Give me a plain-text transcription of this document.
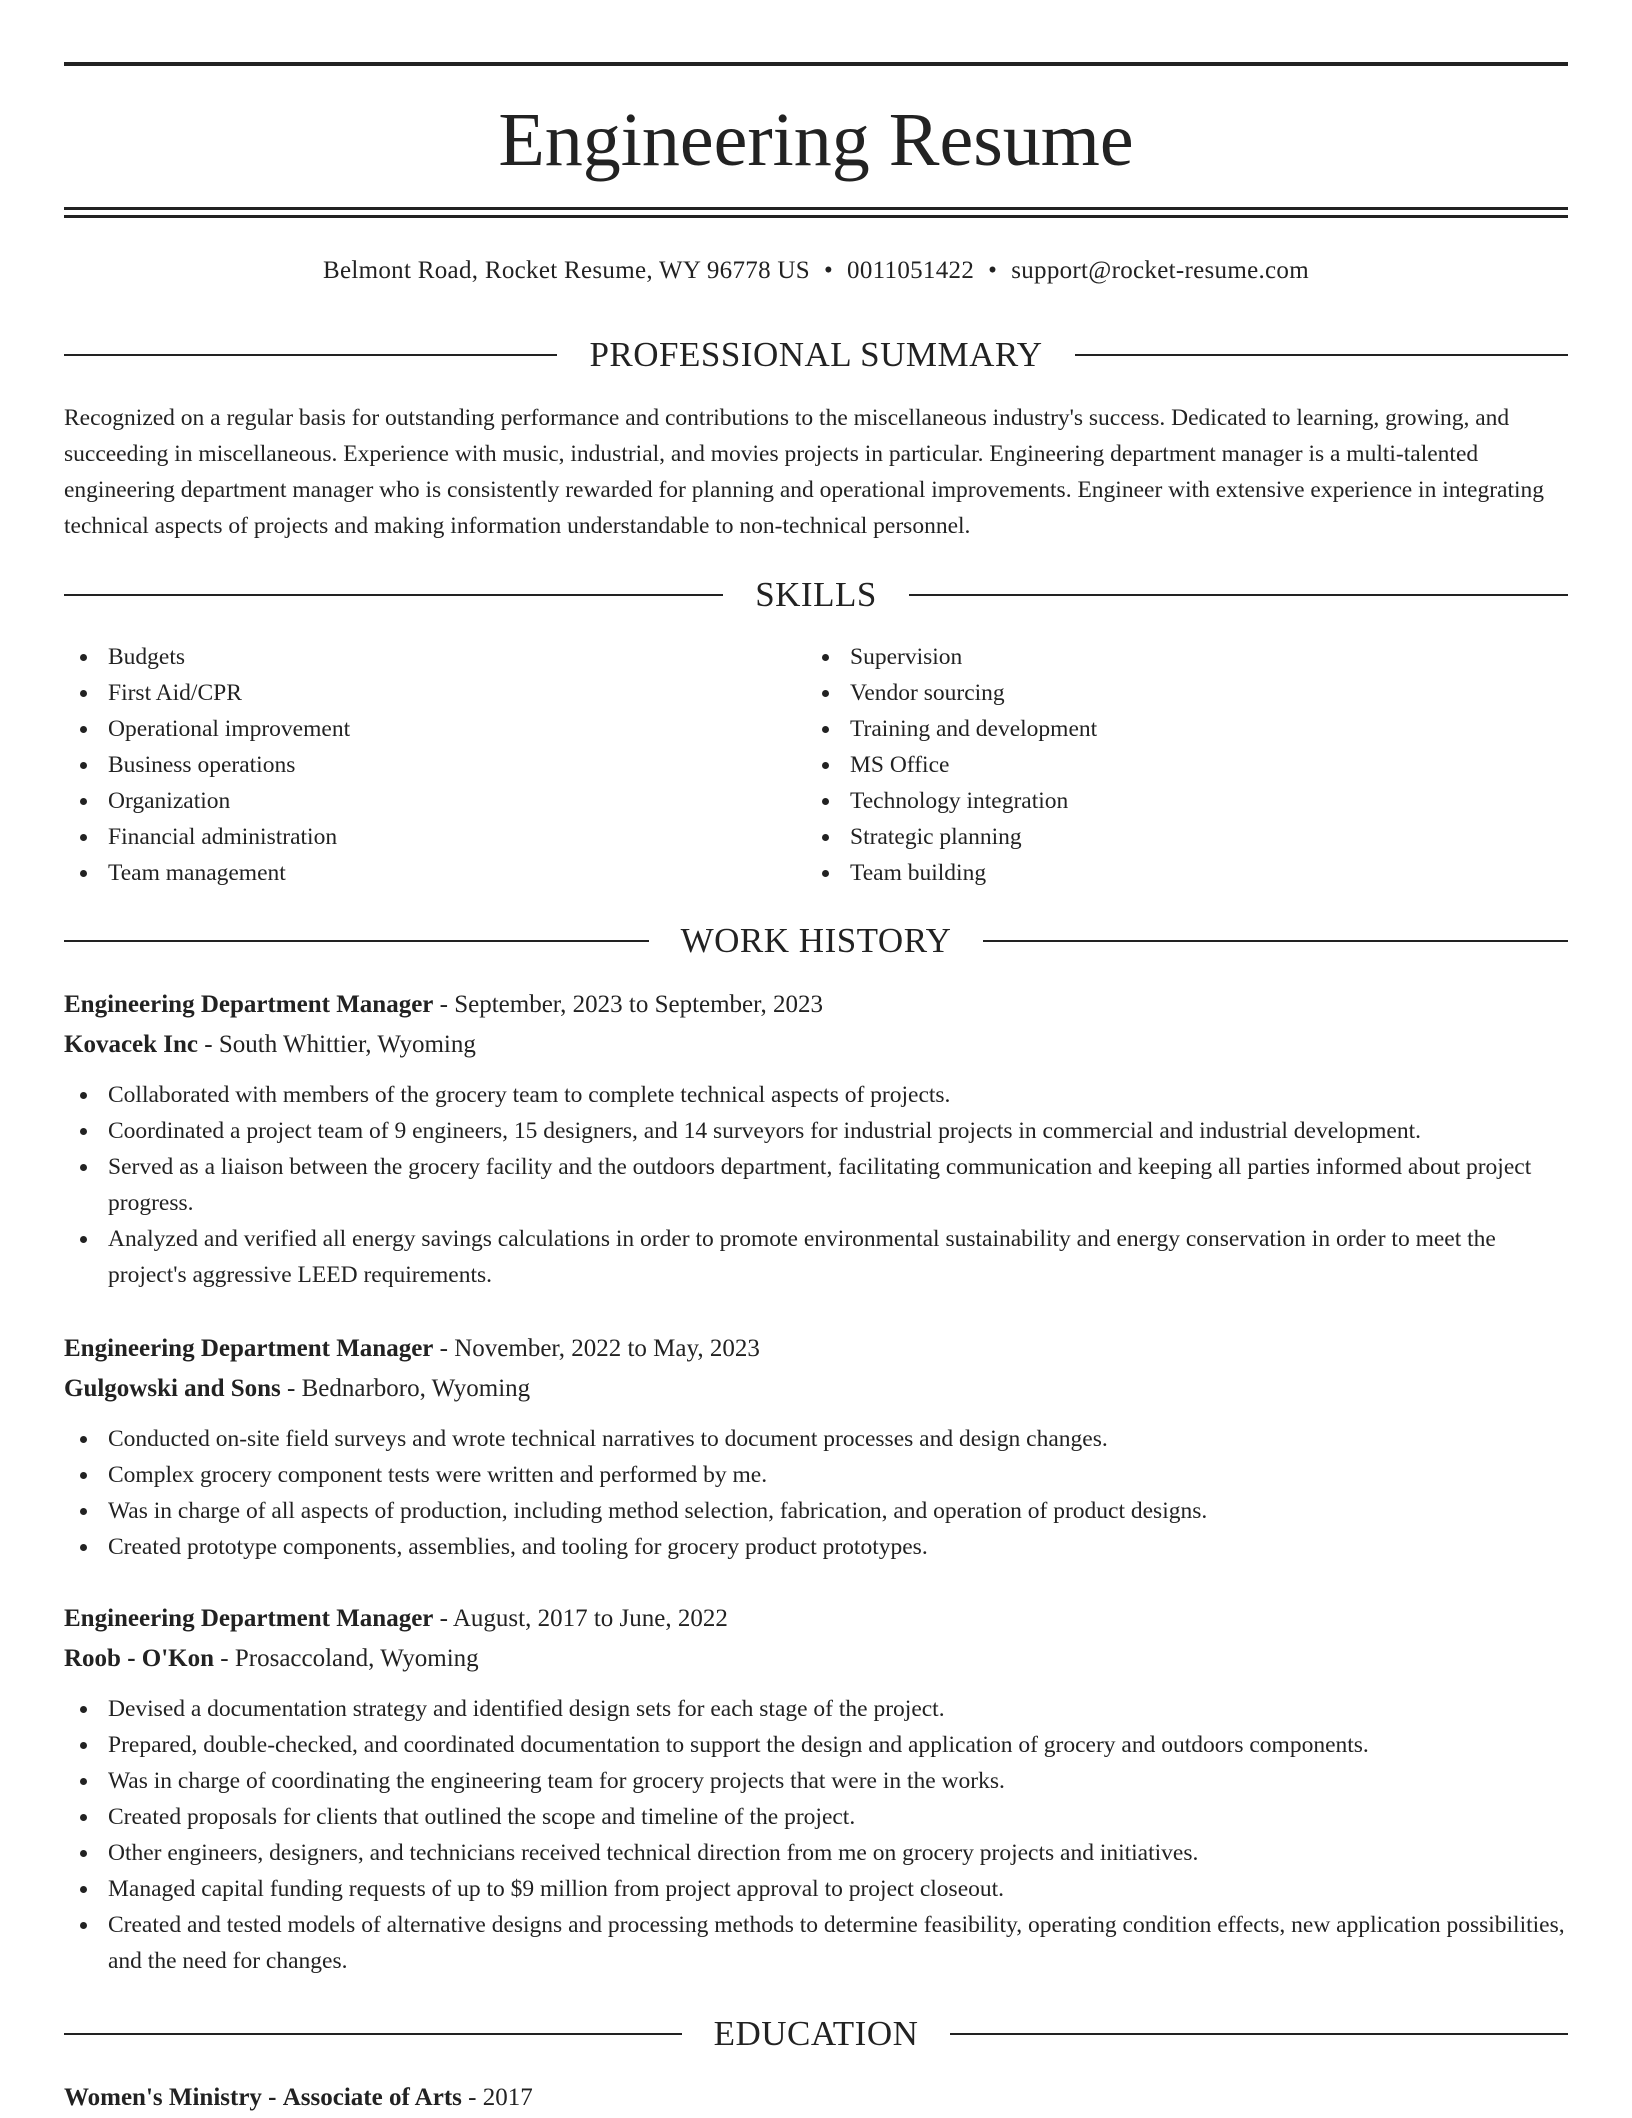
Engineering Resume
Belmont Road, Rocket Resume, WY 96778 US • 0011051422 • support@rocket-resume.com
PROFESSIONAL SUMMARY

Recognized on a regular basis for outstanding performance and contributions to the miscellaneous industry's success. Dedicated to learning, growing, and succeeding in miscellaneous. Experience with music, industrial, and movies projects in particular. Engineering department manager is a multi-talented engineering department manager who is consistently rewarded for planning and operational improvements. Engineer with extensive experience in integrating technical aspects of projects and making information understandable to non-technical personnel.

SKILLS
Budgets
First Aid/CPR
Operational improvement
Business operations
Organization
Financial administration
Team management
Supervision
Vendor sourcing
Training and development
MS Office
Technology integration
Strategic planning
Team building
WORK HISTORY
Engineering Department Manager - September, 2023 to September, 2023
Kovacek Inc - South Whittier, Wyoming
Collaborated with members of the grocery team to complete technical aspects of projects.
Coordinated a project team of 9 engineers, 15 designers, and 14 surveyors for industrial projects in commercial and industrial development.
Served as a liaison between the grocery facility and the outdoors department, facilitating communication and keeping all parties informed about project progress.
Analyzed and verified all energy savings calculations in order to promote environmental sustainability and energy conservation in order to meet the project's aggressive LEED requirements.
Engineering Department Manager - November, 2022 to May, 2023
Gulgowski and Sons - Bednarboro, Wyoming
Conducted on-site field surveys and wrote technical narratives to document processes and design changes.
Complex grocery component tests were written and performed by me.
Was in charge of all aspects of production, including method selection, fabrication, and operation of product designs.
Created prototype components, assemblies, and tooling for grocery product prototypes.
Engineering Department Manager - August, 2017 to June, 2022
Roob - O'Kon - Prosaccoland, Wyoming
Devised a documentation strategy and identified design sets for each stage of the project.
Prepared, double-checked, and coordinated documentation to support the design and application of grocery and outdoors components.
Was in charge of coordinating the engineering team for grocery projects that were in the works.
Created proposals for clients that outlined the scope and timeline of the project.
Other engineers, designers, and technicians received technical direction from me on grocery projects and initiatives.
Managed capital funding requests of up to $9 million from project approval to project closeout.
Created and tested models of alternative designs and processing methods to determine feasibility, operating condition effects, new application possibilities, and the need for changes.
EDUCATION
Women's Ministry - Associate of Arts - 2017
